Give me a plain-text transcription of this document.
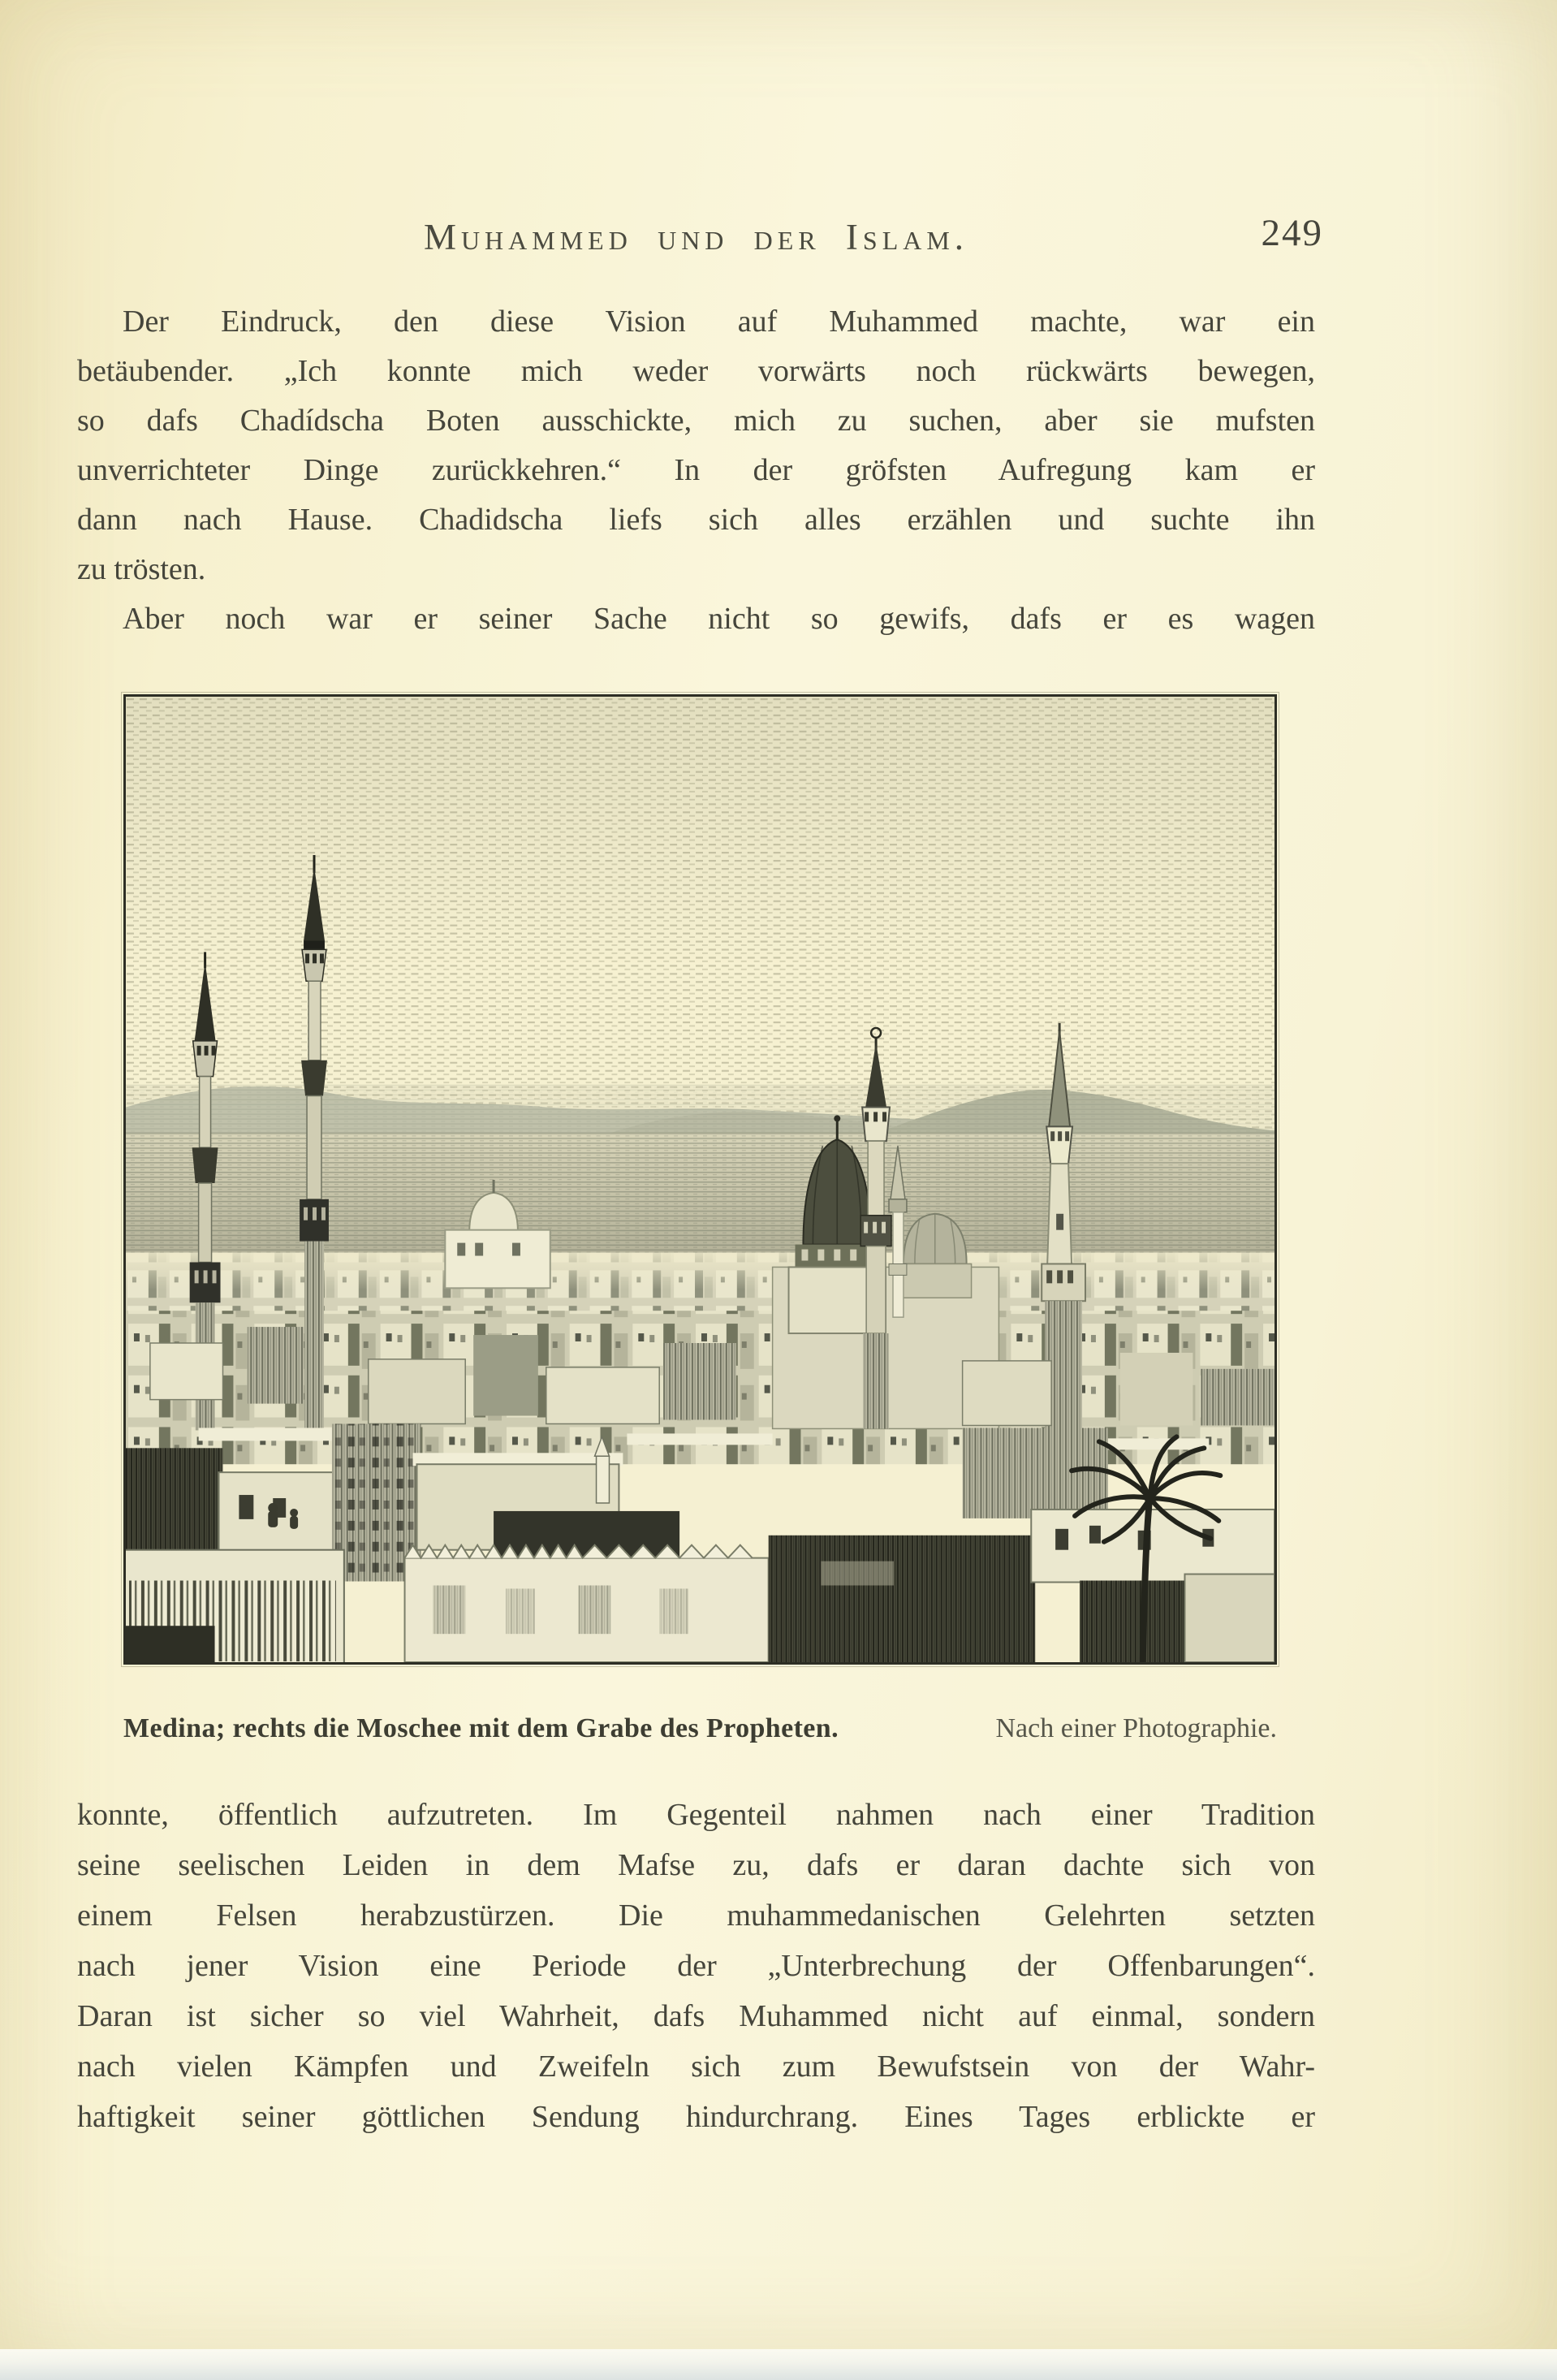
Muhammed und der Islam.	249
Der Eindruck, den diese Vision auf Muhammed machte, war ein
betäubender. „Ich konnte mich weder vorwärts noch rückwärts bewegen,
so dafs Chadídscha Boten ausschickte, mich zu suchen, aber sie mufsten
unverrichteter Dinge zurückkehren.“ In der gröfsten Aufregung kam er
dann nach Hause. Chadidscha liefs sich alles erzählen und suchte ihn
zu trösten.
Aber noch war er seiner Sache nicht so gewifs, dafs er es wagen
Medina; rechts die Moschee mit dem Grabe des Propheten.	Nach einer Photographie.
konnte, öffentlich aufzutreten. Im Gegenteil nahmen nach einer Tradition
seine seelischen Leiden in dem Mafse zu, dafs er daran dachte sich von
einem Felsen herabzustürzen. Die muhammedanischen Gelehrten setzten
nach jener Vision eine Periode der „Unterbrechung der Offenbarungen“.
Daran ist sicher so viel Wahrheit, dafs Muhammed nicht auf einmal, sondern
nach vielen Kämpfen und Zweifeln sich zum Bewufstsein von der Wahr-
haftigkeit seiner göttlichen Sendung hindurchrang. Eines Tages erblickte er
